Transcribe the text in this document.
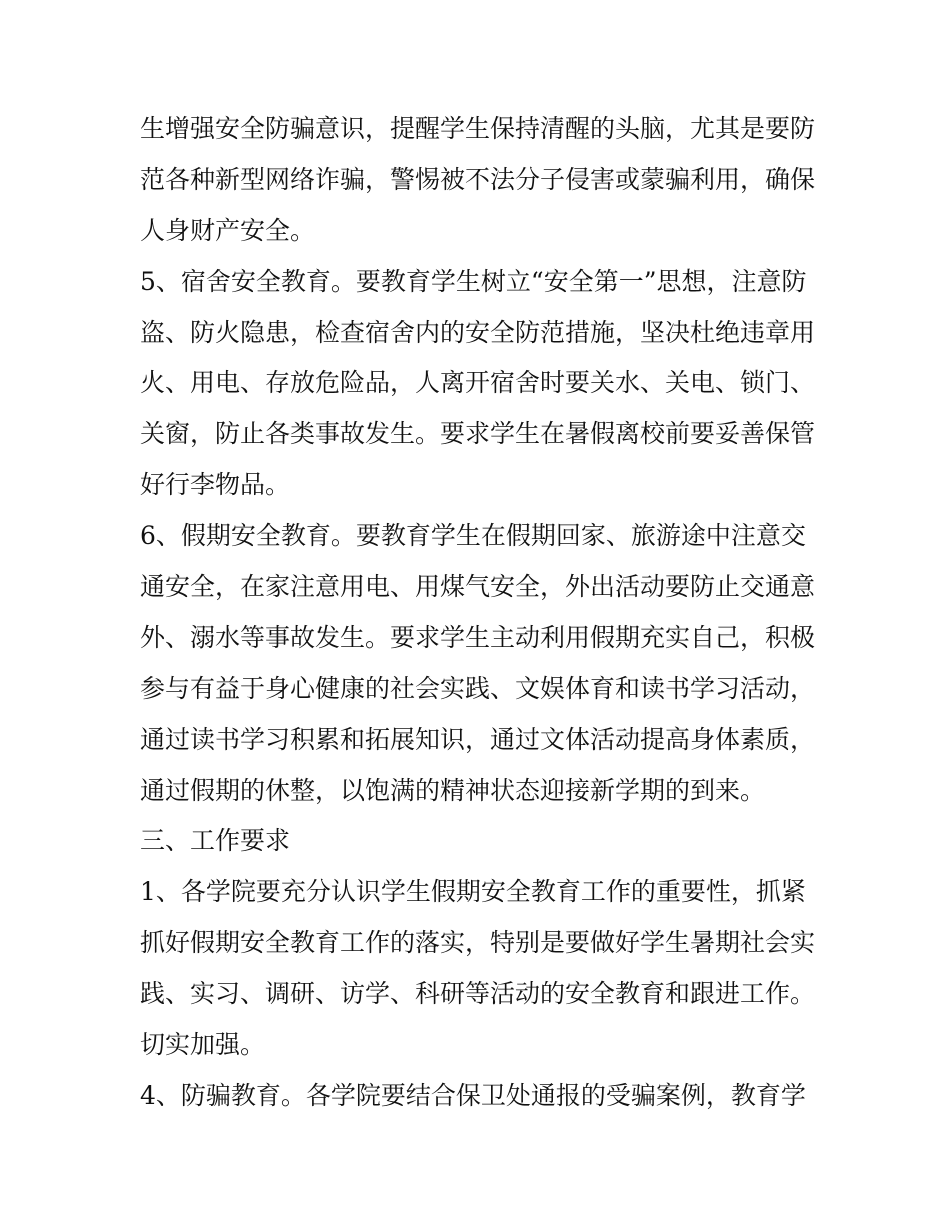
生增强安全防骗意识，提醒学生保持清醒的头脑，尤其是要防

范各种新型网络诈骗，警惕被不法分子侵害或蒙骗利用，确保

人身财产安全。

5、宿舍安全教育。要教育学生树立“安全第一”思想，注意防

盗、防火隐患，检查宿舍内的安全防范措施，坚决杜绝违章用

火、用电、存放危险品，人离开宿舍时要关水、关电、锁门、

关窗，防止各类事故发生。要求学生在暑假离校前要妥善保管

好行李物品。

6、假期安全教育。要教育学生在假期回家、旅游途中注意交

通安全，在家注意用电、用煤气安全，外出活动要防止交通意

外、溺水等事故发生。要求学生主动利用假期充实自己，积极

参与有益于身心健康的社会实践、文娱体育和读书学习活动，

通过读书学习积累和拓展知识，通过文体活动提高身体素质，

通过假期的休整，以饱满的精神状态迎接新学期的到来。

三、工作要求

1、各学院要充分认识学生假期安全教育工作的重要性，抓紧

抓好假期安全教育工作的落实，特别是要做好学生暑期社会实

践、实习、调研、访学、科研等活动的安全教育和跟进工作。

切实加强。

4、防骗教育。各学院要结合保卫处通报的受骗案例，教育学
